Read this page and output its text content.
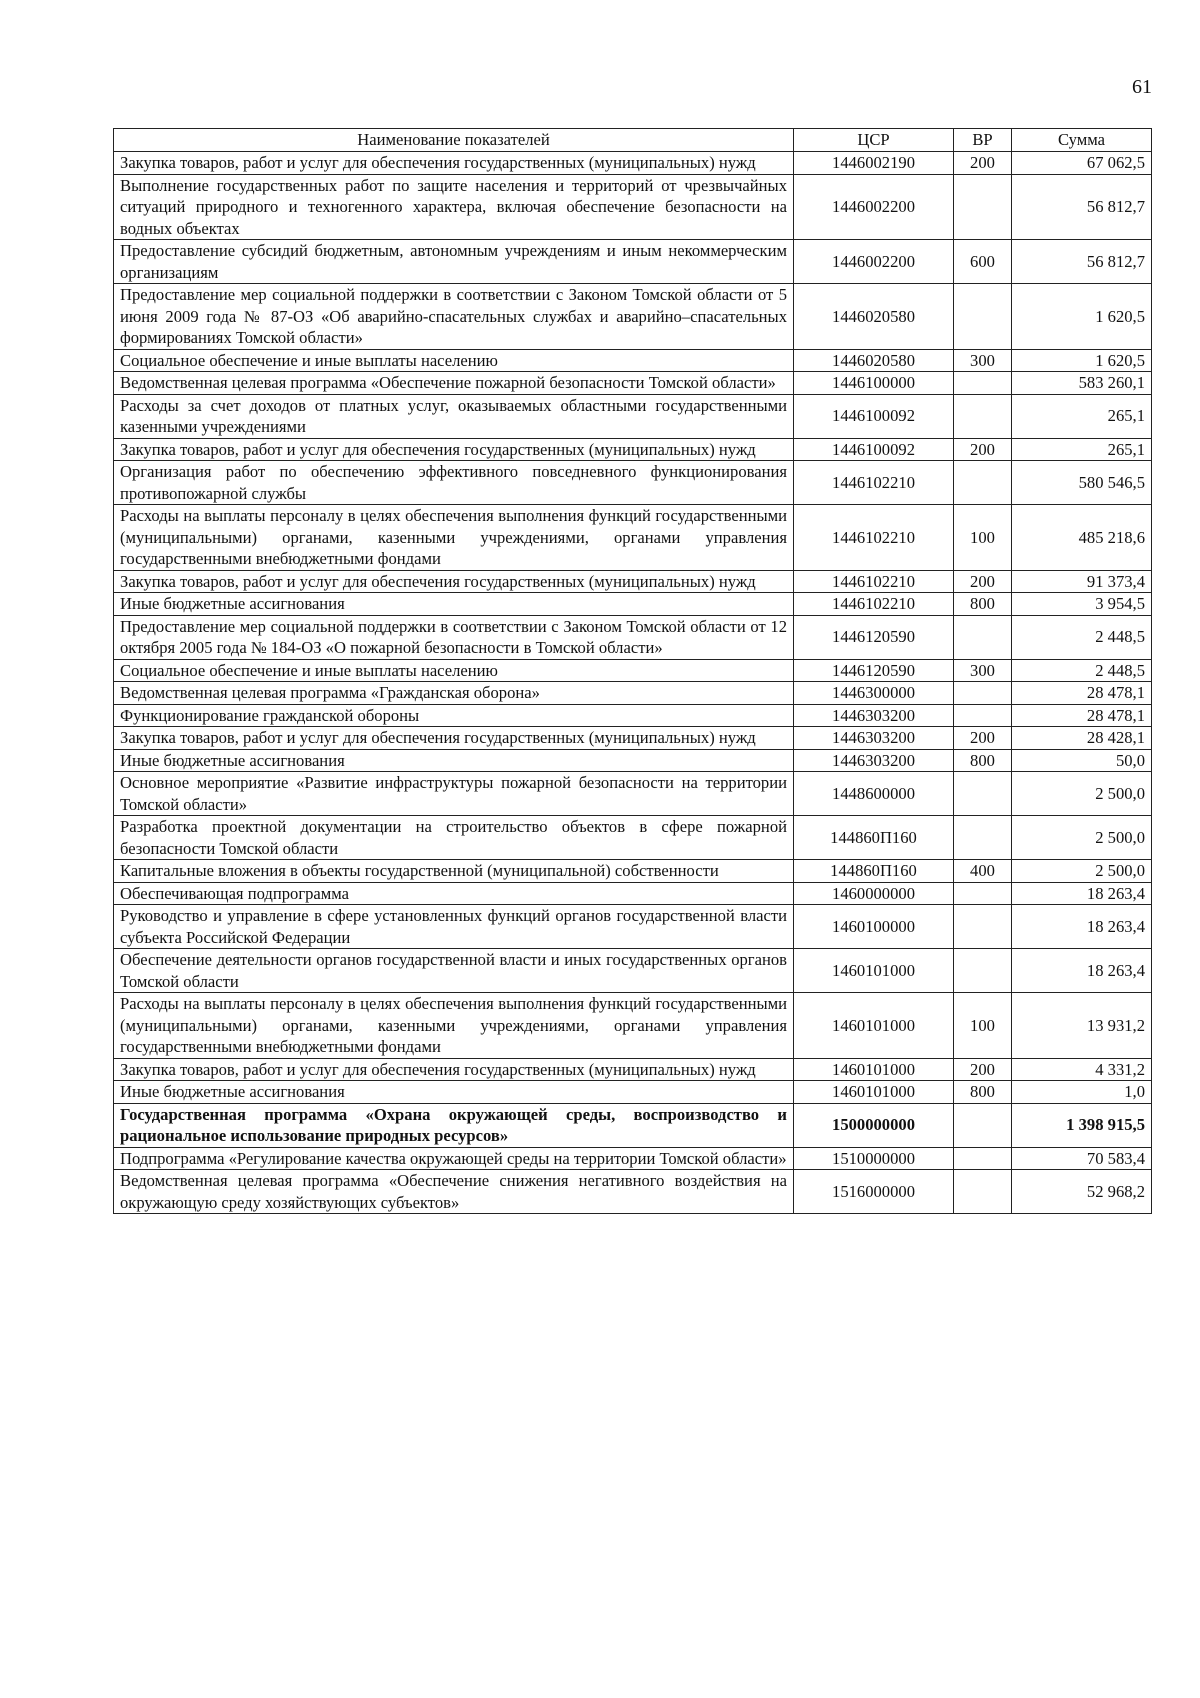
61
Наименование показателей	ЦСР	ВР	Сумма
Закупка товаров, работ и услуг для обеспечения государственных (муниципальных) нужд	1446002190	200	67 062,5
Выполнение государственных работ по защите населения и территорий от чрезвычайных ситуаций природного и техногенного характера, включая обеспечение безопасности на водных объектах	1446002200		56 812,7
Предоставление субсидий бюджетным, автономным учреждениям и иным некоммерческим организациям	1446002200	600	56 812,7
Предоставление мер социальной поддержки в соответствии с Законом Томской области от 5 июня 2009 года № 87-ОЗ «Об аварийно-спасательных службах и аварийно–спасательных формированиях Томской области»	1446020580		1 620,5
Социальное обеспечение и иные выплаты населению	1446020580	300	1 620,5
Ведомственная целевая программа «Обеспечение пожарной безопасности Томской области»	1446100000		583 260,1
Расходы за счет доходов от платных услуг, оказываемых областными государственными казенными учреждениями	1446100092		265,1
Закупка товаров, работ и услуг для обеспечения государственных (муниципальных) нужд	1446100092	200	265,1
Организация работ по обеспечению эффективного повседневного функционирования противопожарной службы	1446102210		580 546,5
Расходы на выплаты персоналу в целях обеспечения выполнения функций государственными (муниципальными) органами, казенными учреждениями, органами управления государственными внебюджетными фондами	1446102210	100	485 218,6
Закупка товаров, работ и услуг для обеспечения государственных (муниципальных) нужд	1446102210	200	91 373,4
Иные бюджетные ассигнования	1446102210	800	3 954,5
Предоставление мер социальной поддержки в соответствии с Законом Томской области от 12 октября 2005 года № 184-ОЗ «О пожарной безопасности в Томской области»	1446120590		2 448,5
Социальное обеспечение и иные выплаты населению	1446120590	300	2 448,5
Ведомственная целевая программа «Гражданская оборона»	1446300000		28 478,1
Функционирование гражданской обороны	1446303200		28 478,1
Закупка товаров, работ и услуг для обеспечения государственных (муниципальных) нужд	1446303200	200	28 428,1
Иные бюджетные ассигнования	1446303200	800	50,0
Основное мероприятие «Развитие инфраструктуры пожарной безопасности на территории Томской области»	1448600000		2 500,0
Разработка проектной документации на строительство объектов в сфере пожарной безопасности Томской области	144860П160		2 500,0
Капитальные вложения в объекты государственной (муниципальной) собственности	144860П160	400	2 500,0
Обеспечивающая подпрограмма	1460000000		18 263,4
Руководство и управление в сфере установленных функций органов государственной власти субъекта Российской Федерации	1460100000		18 263,4
Обеспечение деятельности органов государственной власти и иных государственных органов Томской области	1460101000		18 263,4
Расходы на выплаты персоналу в целях обеспечения выполнения функций государственными (муниципальными) органами, казенными учреждениями, органами управления государственными внебюджетными фондами	1460101000	100	13 931,2
Закупка товаров, работ и услуг для обеспечения государственных (муниципальных) нужд	1460101000	200	4 331,2
Иные бюджетные ассигнования	1460101000	800	1,0
Государственная программа «Охрана окружающей среды, воспроизводство и рациональное использование природных ресурсов»	1500000000		1 398 915,5
Подпрограмма «Регулирование качества окружающей среды на территории Томской области»	1510000000		70 583,4
Ведомственная целевая программа «Обеспечение снижения негативного воздействия на окружающую среду хозяйствующих субъектов»	1516000000		52 968,2
